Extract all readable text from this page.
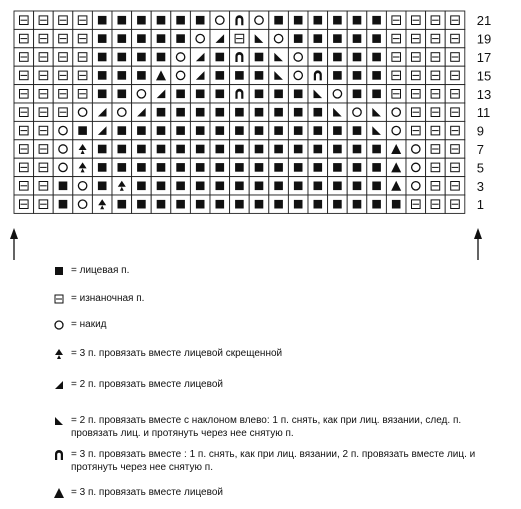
21
19
17
15
13
11
9
7
5
3
1
= лицевая п.
= изнаночная п.
= накид
= 3 п. провязать вместе лицевой скрещенной
= 2 п. провязать вместе лицевой
= 2 п. провязать вместе с наклоном влево: 1 п. снять, как при лиц. вязании, след. п. провязать лиц. и протянуть через нее снятую п.
= 3 п. провязать вместе : 1 п. снять, как при лиц. вязании, 2 п. провязать вместе лиц. и протянуть через нее снятую п.
= 3 п. провязать вместе лицевой
